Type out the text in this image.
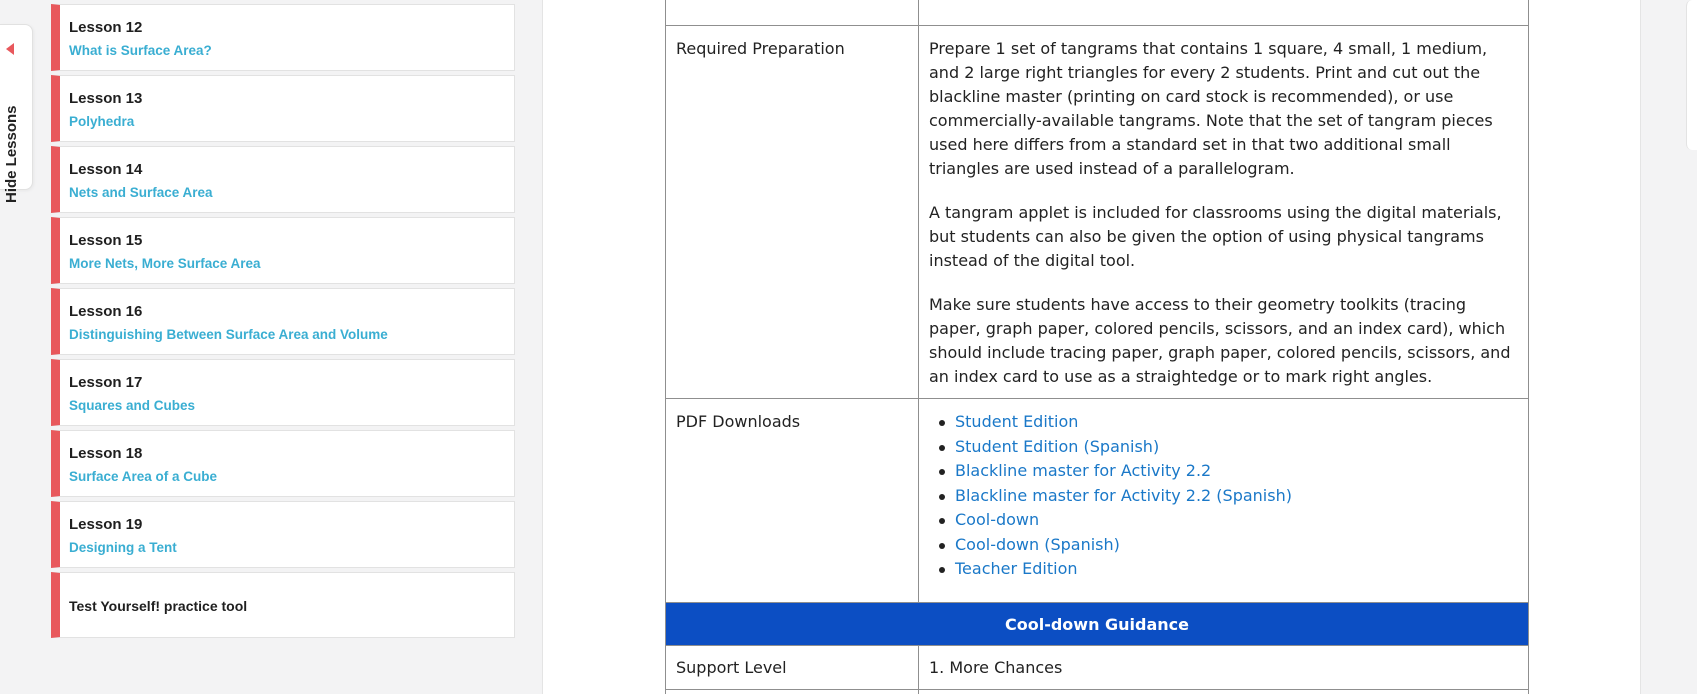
Hide Lessons
Lesson 12
What is Surface Area?
Lesson 13
Polyhedra
Lesson 14
Nets and Surface Area
Lesson 15
More Nets, More Surface Area
Lesson 16
Distinguishing Between Surface Area and Volume
Lesson 17
Squares and Cubes
Lesson 18
Surface Area of a Cube
Lesson 19
Designing a Tent
Test Yourself! practice tool
Required Preparation	Prepare 1 set of tangrams that contains 1 square, 4 small, 1 medium, and 2 large right triangles for every 2 students. Print and cut out the blackline master (printing on card stock is recommended), or use commercially-available tangrams. Note that the set of tangram pieces used here differs from a standard set in that two additional small triangles are used instead of a parallelogram.

A tangram applet is included for classrooms using the digital materials, but students can also be given the option of using physical tangrams instead of the digital tool.

Make sure students have access to their geometry toolkits (tracing paper, graph paper, colored pencils, scissors, and an index card), which should include tracing paper, graph paper, colored pencils, scissors, and an index card to use as a straightedge or to mark right angles.

PDF Downloads	Student Edition
Student Edition (Spanish)
Blackline master for Activity 2.2
Blackline master for Activity 2.2 (Spanish)
Cool-down
Cool-down (Spanish)
Teacher Edition
Cool-down Guidance
Support Level	1. More Chances
